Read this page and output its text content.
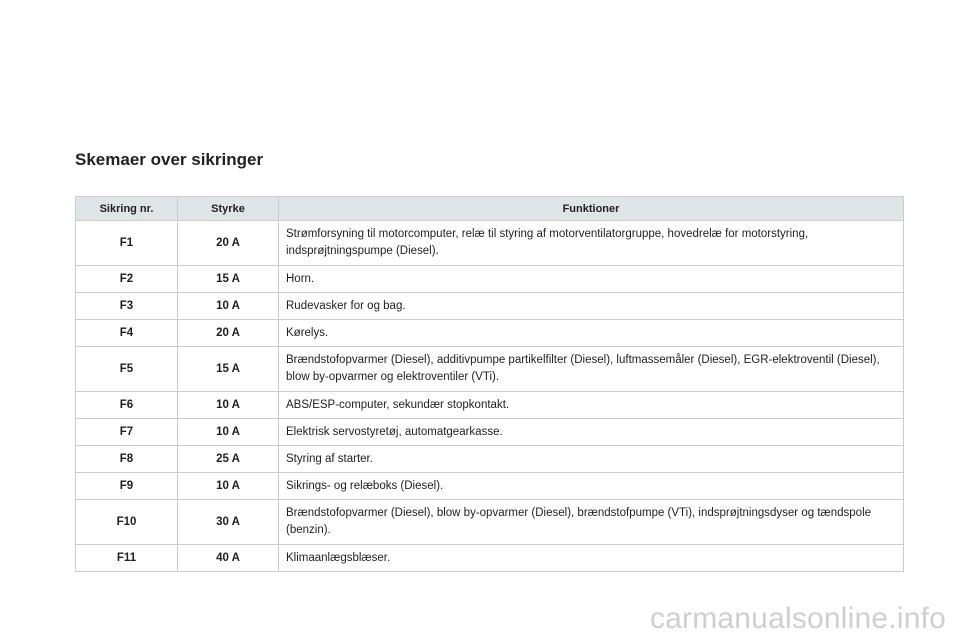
Skemaer over sikringer
Sikring nr.	Styrke	Funktioner
F1	20 A	Strømforsyning til motorcomputer, relæ til styring af motorventilatorgruppe, hovedrelæ for motorstyring, indsprøjtningspumpe (Diesel).
F2	15 A	Horn.
F3	10 A	Rudevasker for og bag.
F4	20 A	Kørelys.
F5	15 A	Brændstofopvarmer (Diesel), additivpumpe partikelfilter (Diesel), luftmassemåler (Diesel), EGR-elektroventil (Diesel), blow by-opvarmer og elektroventiler (VTi).
F6	10 A	ABS/ESP-computer, sekundær stopkontakt.
F7	10 A	Elektrisk servostyretøj, automatgearkasse.
F8	25 A	Styring af starter.
F9	10 A	Sikrings- og relæboks (Diesel).
F10	30 A	Brændstofopvarmer (Diesel), blow by-opvarmer (Diesel), brændstofpumpe (VTi), indsprøjtningsdyser og tændspole (benzin).
F11	40 A	Klimaanlægsblæser.
carmanualsonline.info
